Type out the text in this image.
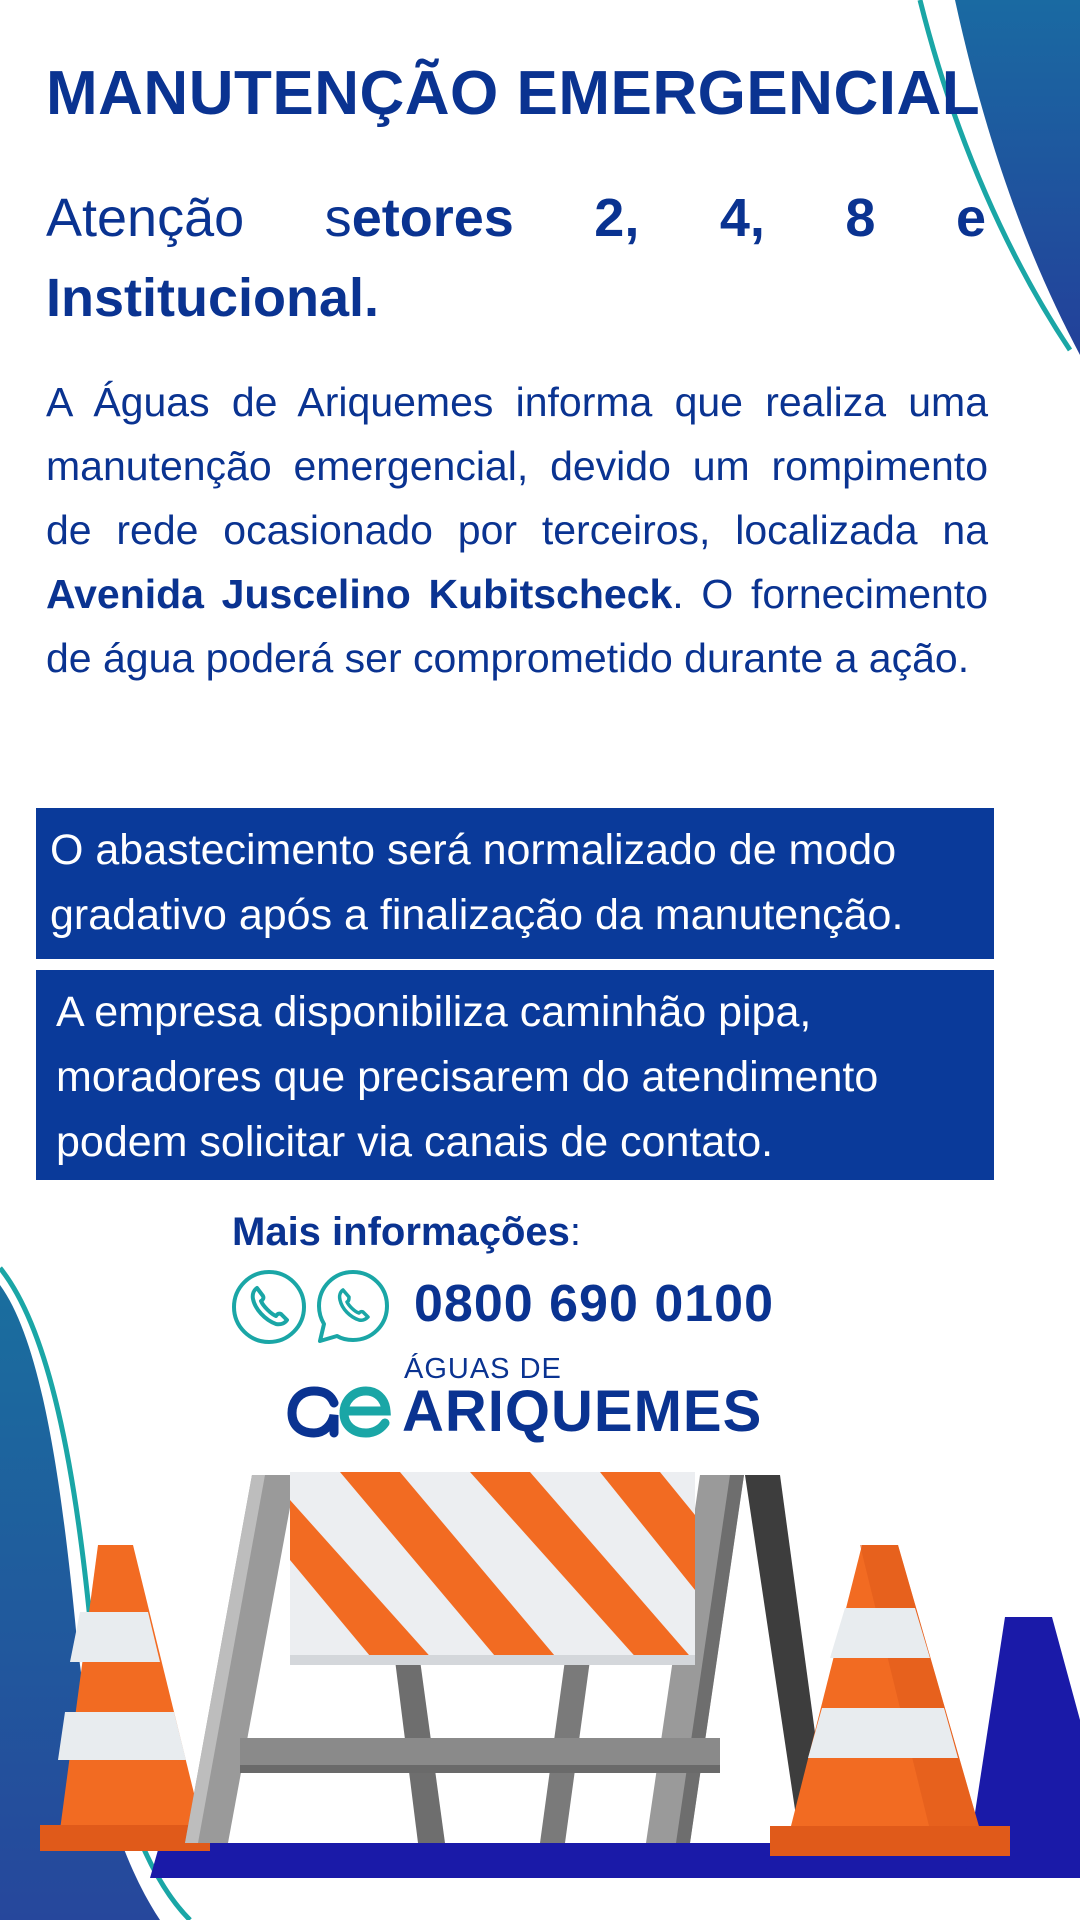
MANUTENÇÃO EMERGENCIAL
Atenção setores 2, 4, 8 e Institucional.
A Águas de Ariquemes informa que realiza uma manutenção emergencial, devido um rompimento de rede ocasionado por terceiros, localizada na Avenida Juscelino Kubitscheck. O fornecimento de água poderá ser comprometido durante a ação.
O abastecimento será normalizado de modo gradativo após a finalização da manutenção.
A empresa disponibiliza caminhão pipa, moradores que precisarem do atendimento podem solicitar via canais de contato.
Mais informações:
0800 690 0100
ÁGUAS DE
ARIQUEMES
